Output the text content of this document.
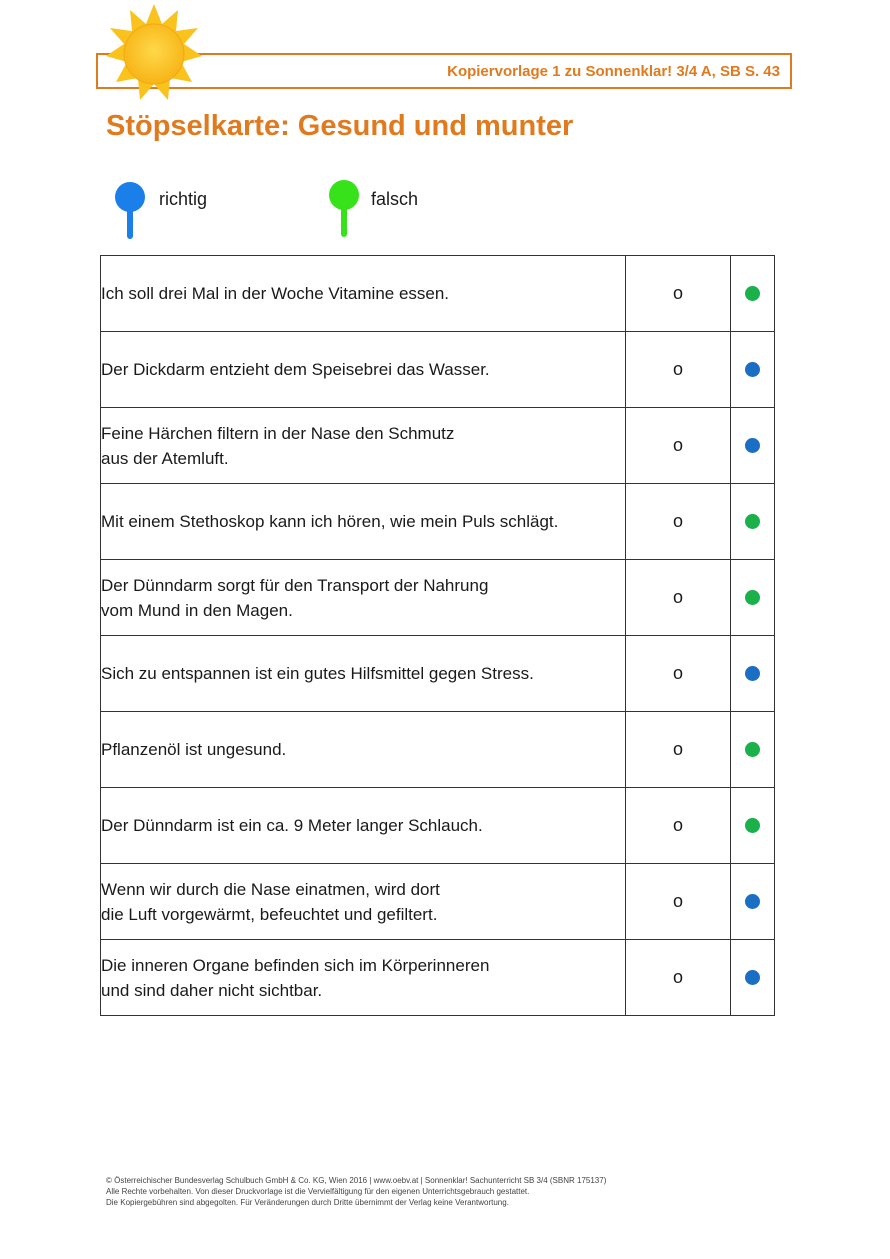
Kopiervorlage 1 zu Sonnenklar! 3/4 A, SB S. 43
Stöpselkarte: Gesund und munter
richtig	falsch
Ich soll drei Mal in der Woche Vitamine essen.	o	

Der Dickdarm entzieht dem Speisebrei das Wasser.	o	

Feine Härchen filtern in der Nase den Schmutz
aus der Atemluft.	o	

Mit einem Stethoskop kann ich hören, wie mein Puls schlägt.	o	

Der Dünndarm sorgt für den Transport der Nahrung
vom Mund in den Magen.	o	

Sich zu entspannen ist ein gutes Hilfsmittel gegen Stress.	o	

Pflanzenöl ist ungesund.	o	

Der Dünndarm ist ein ca. 9 Meter langer Schlauch.	o	

Wenn wir durch die Nase einatmen, wird dort
die Luft vorgewärmt, befeuchtet und gefiltert.	o	

Die inneren Organe befinden sich im Körperinneren
und sind daher nicht sichtbar.	o	
© Österreichischer Bundesverlag Schulbuch GmbH & Co. KG, Wien 2016 | www.oebv.at | Sonnenklar! Sachunterricht SB 3/4 (SBNR 175137)
Alle Rechte vorbehalten. Von dieser Druckvorlage ist die Vervielfältigung für den eigenen Unterrichtsgebrauch gestattet.
Die Kopiergebühren sind abgegolten. Für Veränderungen durch Dritte übernimmt der Verlag keine Verantwortung.
